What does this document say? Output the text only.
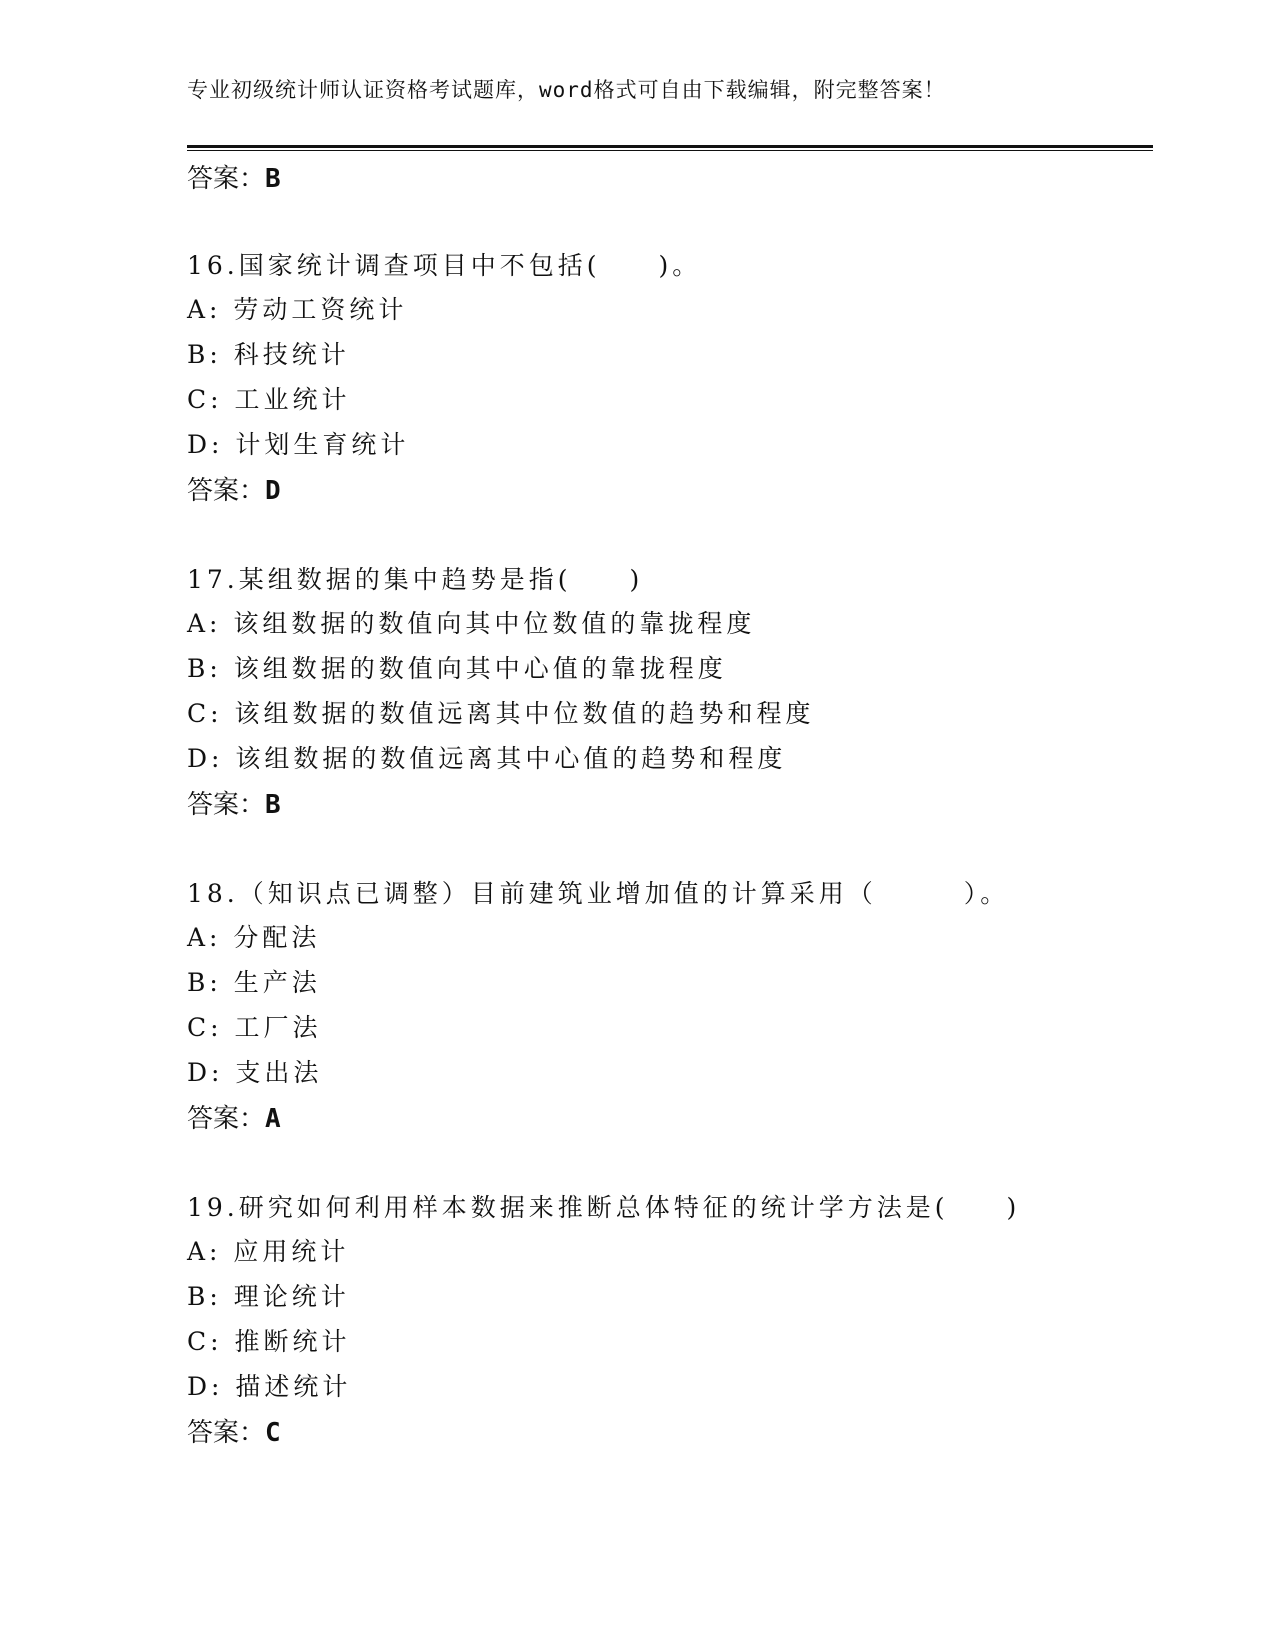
专业初级统计师认证资格考试题库，word格式可自由下载编辑，附完整答案！
答案：B
16.国家统计调查项目中不包括(　　)。
A: 劳动工资统计
B: 科技统计
C: 工业统计
D: 计划生育统计
答案：D
17.某组数据的集中趋势是指(　　)
A: 该组数据的数值向其中位数值的靠拢程度
B: 该组数据的数值向其中心值的靠拢程度
C: 该组数据的数值远离其中位数值的趋势和程度
D: 该组数据的数值远离其中心值的趋势和程度
答案：B
18.（知识点已调整）目前建筑业增加值的计算采用（　　　）。
A: 分配法
B: 生产法
C: 工厂法
D: 支出法
答案：A
19.研究如何利用样本数据来推断总体特征的统计学方法是(　　)
A: 应用统计
B: 理论统计
C: 推断统计
D: 描述统计
答案：C
